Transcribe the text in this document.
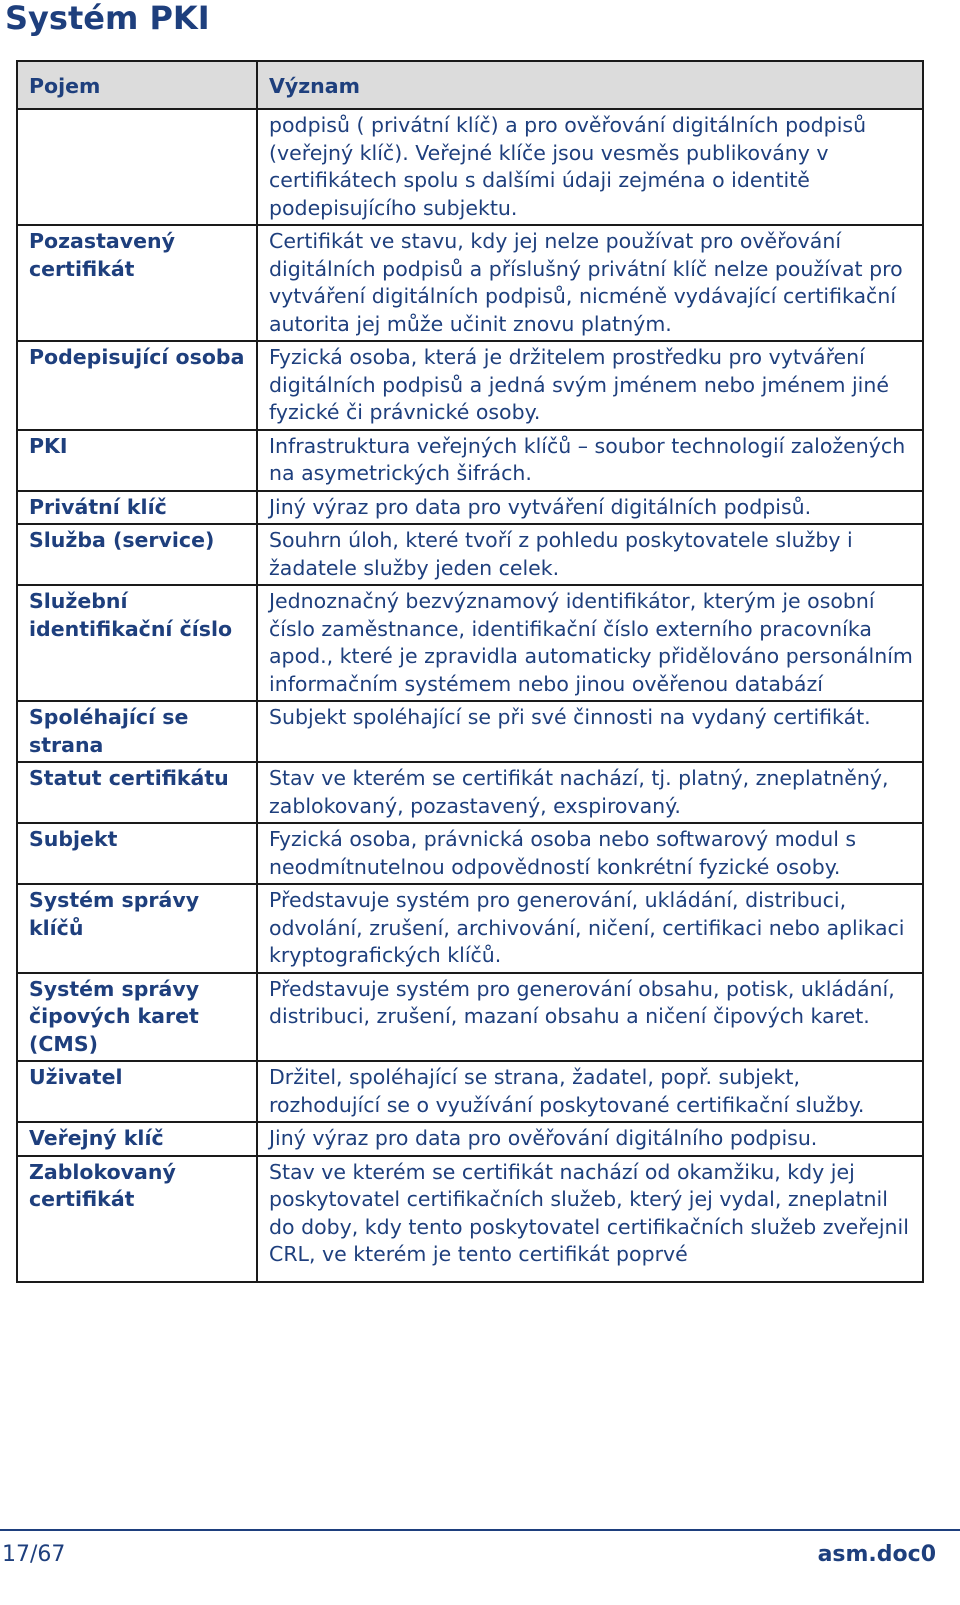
Systém PKI
Pojem	Význam
	podpisů ( privátní klíč) a pro ověřování digitálních podpisů (veřejný klíč). Veřejné klíče jsou vesměs publikovány v certifikátech spolu s dalšími údaji zejména o identitě podepisujícího subjektu.
Pozastavený certifikát	Certifikát ve stavu, kdy jej nelze používat pro ověřování digitálních podpisů a příslušný privátní klíč nelze používat pro vytváření digitálních podpisů, nicméně vydávající certifikační autorita jej může učinit znovu platným.
Podepisující osoba	Fyzická osoba, která je držitelem prostředku pro vytváření digitálních podpisů a jedná svým jménem nebo jménem jiné fyzické či právnické osoby.
PKI	Infrastruktura veřejných klíčů – soubor technologií založených na asymetrických šifrách.
Privátní klíč	Jiný výraz pro data pro vytváření digitálních podpisů.
Služba (service)	Souhrn úloh, které tvoří z pohledu poskytovatele služby i žadatele služby jeden celek.
Služební identifikační číslo	Jednoznačný bezvýznamový identifikátor, kterým je osobní číslo zaměstnance, identifikační číslo externího pracovníka apod., které je zpravidla automaticky přidělováno personálním informačním systémem nebo jinou ověřenou databází
Spoléhající se strana	Subjekt spoléhající se při své činnosti na vydaný certifikát.
Statut certifikátu	Stav ve kterém se certifikát nachází, tj. platný, zneplatněný, zablokovaný, pozastavený, exspirovaný.
Subjekt	Fyzická osoba, právnická osoba nebo softwarový modul s neodmítnutelnou odpovědností konkrétní fyzické osoby.
Systém správy klíčů	Představuje systém pro generování, ukládání, distribuci, odvolání, zrušení, archivování, ničení, certifikaci nebo aplikaci kryptografických klíčů.
Systém správy čipových karet (CMS)	Představuje systém pro generování obsahu, potisk, ukládání, distribuci, zrušení, mazaní obsahu a ničení čipových karet.
Uživatel	Držitel, spoléhající se strana, žadatel, popř. subjekt, rozhodující se o využívání poskytované certifikační služby.
Veřejný klíč	Jiný výraz pro data pro ověřování digitálního podpisu.
Zablokovaný certifikát	Stav ve kterém se certifikát nachází od okamžiku, kdy jej poskytovatel certifikačních služeb, který jej vydal, zneplatnil do doby, kdy tento poskytovatel certifikačních služeb zveřejnil CRL, ve kterém je tento certifikát poprvé
17/67	asm.doc0
